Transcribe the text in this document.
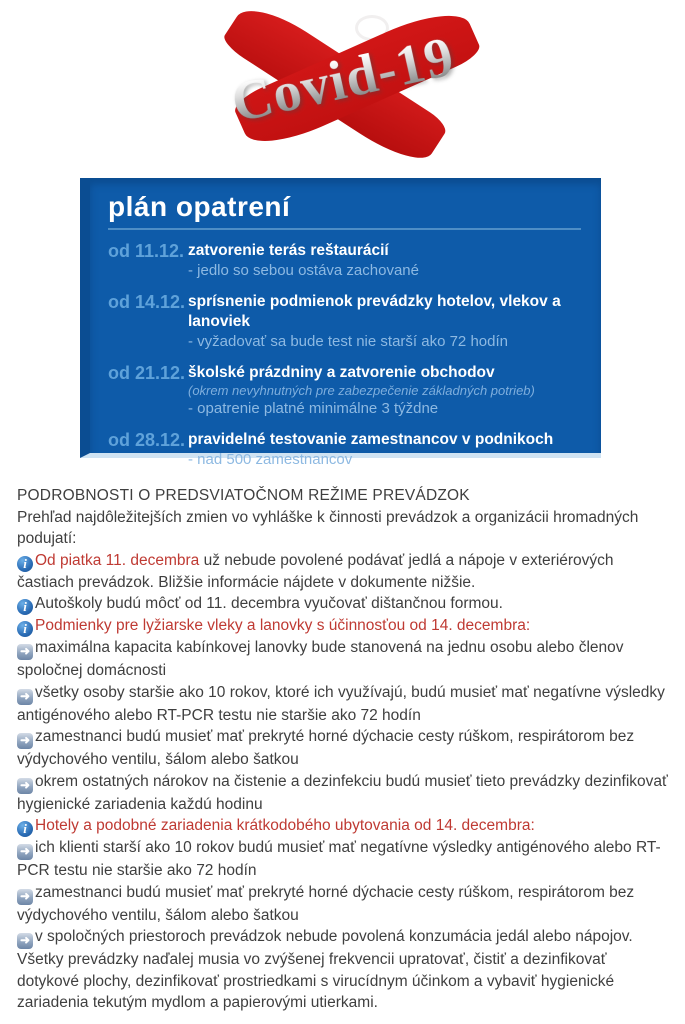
Covid-19
plán opatrení
od 11.12. zatvorenie terás reštaurácií
- jedlo so sebou ostáva zachované
od 14.12. sprísnenie podmienok prevádzky hotelov, vlekov a lanoviek
- vyžadovať sa bude test nie starší ako 72 hodín
od 21.12. školské prázdniny a zatvorenie obchodov
(okrem nevyhnutných pre zabezpečenie základných potrieb)
- opatrenie platné minimálne 3 týždne
od 28.12. pravidelné testovanie zamestnancov v podnikoch
- nad 500 zamestnancov
PODROBNOSTI O PREDSVIATOČNOM REŽIME PREVÁDZOK
Prehľad najdôležitejších zmien vo vyhláške k činnosti prevádzok a organizácii hromadných podujatí:
i Od piatka 11. decembra už nebude povolené podávať jedlá a nápoje v exteriérových častiach prevádzok. Bližšie informácie nájdete v dokumente nižšie.
i Autoškoly budú môcť od 11. decembra vyučovať dištančnou formou.
i Podmienky pre lyžiarske vleky a lanovky s účinnosťou od 14. decembra:
➜ maximálna kapacita kabínkovej lanovky bude stanovená na jednu osobu alebo členov spoločnej domácnosti
➜ všetky osoby staršie ako 10 rokov, ktoré ich využívajú, budú musieť mať negatívne výsledky antigénového alebo RT-PCR testu nie staršie ako 72 hodín
➜ zamestnanci budú musieť mať prekryté horné dýchacie cesty rúškom, respirátorom bez výdychového ventilu, šálom alebo šatkou
➜ okrem ostatných nárokov na čistenie a dezinfekciu budú musieť tieto prevádzky dezinfikovať hygienické zariadenia každú hodinu
i Hotely a podobné zariadenia krátkodobého ubytovania od 14. decembra:
➜ ich klienti starší ako 10 rokov budú musieť mať negatívne výsledky antigénového alebo RT-PCR testu nie staršie ako 72 hodín
➜ zamestnanci budú musieť mať prekryté horné dýchacie cesty rúškom, respirátorom bez výdychového ventilu, šálom alebo šatkou
➜ v spoločných priestoroch prevádzok nebude povolená konzumácia jedál alebo nápojov. Všetky prevádzky naďalej musia vo zvýšenej frekvencii upratovať, čistiť a dezinfikovať dotykové plochy, dezinfikovať prostriedkami s virucídnym účinkom a vybaviť hygienické zariadenia tekutým mydlom a papierovými utierkami.
